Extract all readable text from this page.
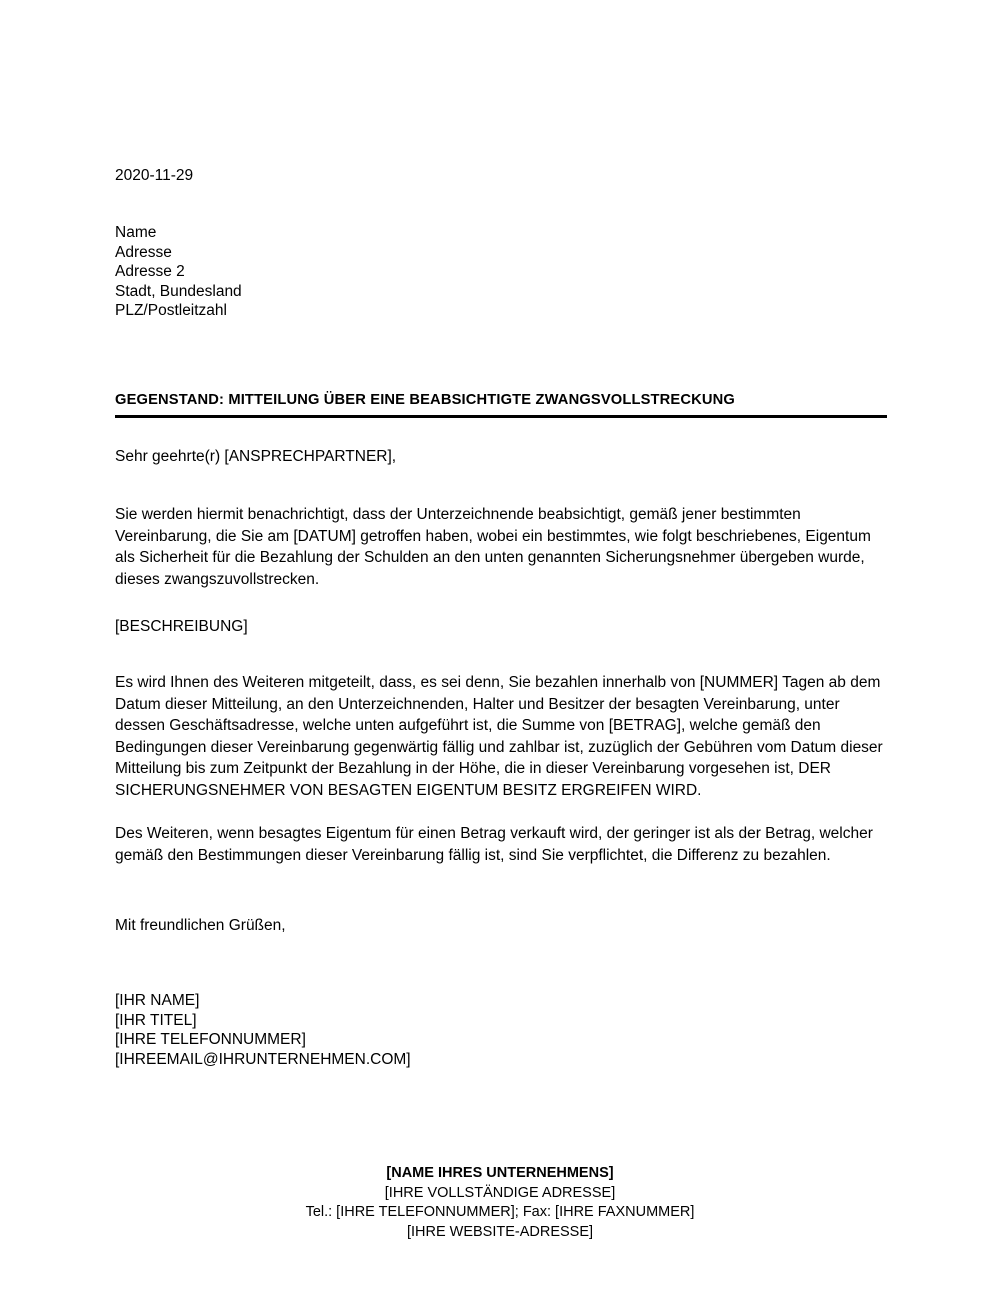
2020-11-29
Name
Adresse
Adresse 2
Stadt, Bundesland
PLZ/Postleitzahl
GEGENSTAND: MITTEILUNG ÜBER EINE BEABSICHTIGTE ZWANGSVOLLSTRECKUNG
Sehr geehrte(r) [ANSPRECHPARTNER],
Sie werden hiermit benachrichtigt, dass der Unterzeichnende beabsichtigt, gemäß jener bestimmten Vereinbarung, die Sie am [DATUM] getroffen haben, wobei ein bestimmtes, wie folgt beschriebenes, Eigentum als Sicherheit für die Bezahlung der Schulden an den unten genannten Sicherungsnehmer übergeben wurde, dieses zwangszuvollstrecken.
[BESCHREIBUNG]
Es wird Ihnen des Weiteren mitgeteilt, dass, es sei denn, Sie bezahlen innerhalb von [NUMMER] Tagen ab dem Datum dieser Mitteilung, an den Unterzeichnenden, Halter und Besitzer der besagten Vereinbarung, unter dessen Geschäftsadresse, welche unten aufgeführt ist, die Summe von [BETRAG], welche gemäß den Bedingungen dieser Vereinbarung gegenwärtig fällig und zahlbar ist, zuzüglich der Gebühren vom Datum dieser Mitteilung bis zum Zeitpunkt der Bezahlung in der Höhe, die in dieser Vereinbarung vorgesehen ist, DER SICHERUNGSNEHMER VON BESAGTEN EIGENTUM BESITZ ERGREIFEN WIRD.
Des Weiteren, wenn besagtes Eigentum für einen Betrag verkauft wird, der geringer ist als der Betrag, welcher gemäß den Bestimmungen dieser Vereinbarung fällig ist, sind Sie verpflichtet, die Differenz zu bezahlen.
Mit freundlichen Grüßen,
[IHR NAME]
[IHR TITEL]
[IHRE TELEFONNUMMER]
[IHREEMAIL@IHRUNTERNEHMEN.COM]
[NAME IHRES UNTERNEHMENS]
[IHRE VOLLSTÄNDIGE ADRESSE]
Tel.: [IHRE TELEFONNUMMER]; Fax: [IHRE FAXNUMMER]
[IHRE WEBSITE-ADRESSE]
